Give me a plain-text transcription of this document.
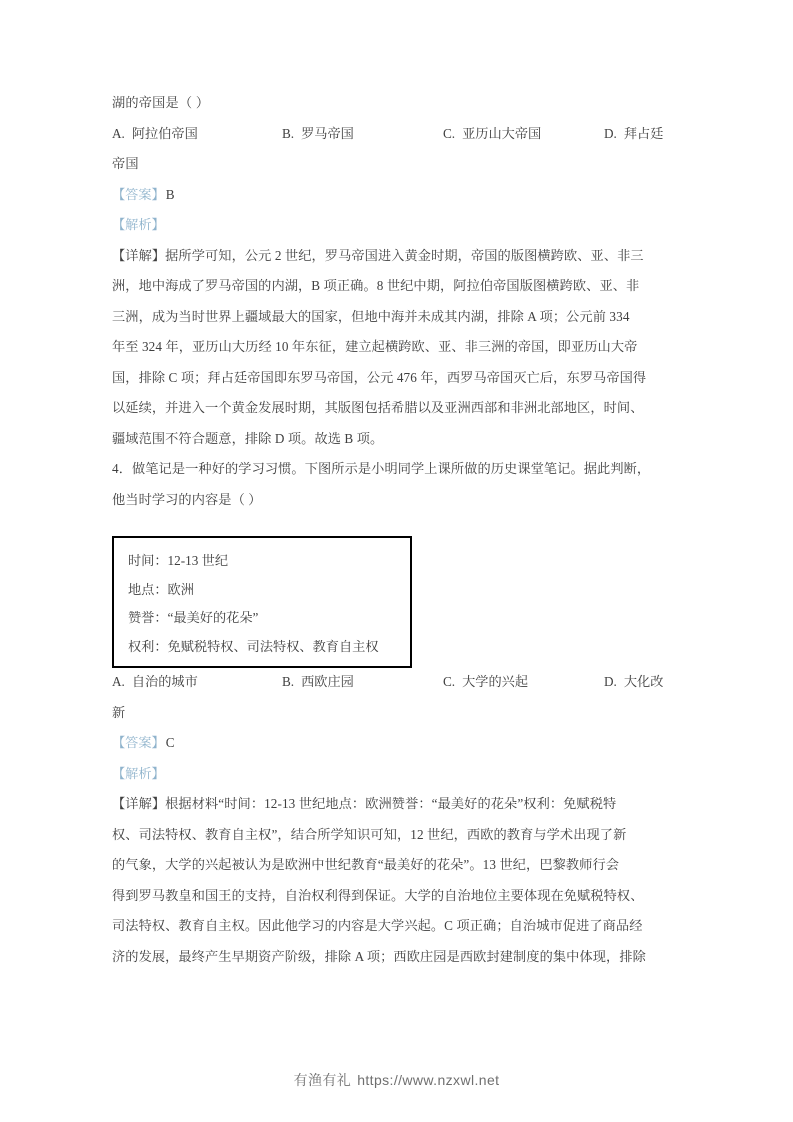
湖的帝国是（ ）
A. 阿拉伯帝国	B. 罗马帝国	C. 亚历山大帝国	D. 拜占廷
帝国
【答案】B
【解析】
【详解】据所学可知，公元 2 世纪，罗马帝国进入黄金时期，帝国的版图横跨欧、亚、非三
洲，地中海成了罗马帝国的内湖，B 项正确。8 世纪中期，阿拉伯帝国版图横跨欧、亚、非
三洲，成为当时世界上疆域最大的国家，但地中海并未成其内湖，排除 A 项；公元前 334
年至 324 年，亚历山大历经 10 年东征，建立起横跨欧、亚、非三洲的帝国，即亚历山大帝
国，排除 C 项；拜占廷帝国即东罗马帝国，公元 476 年，西罗马帝国灭亡后，东罗马帝国得
以延续，并进入一个黄金发展时期，其版图包括希腊以及亚洲西部和非洲北部地区，时间、
疆域范围不符合题意，排除 D 项。故选 B 项。
4．做笔记是一种好的学习习惯。下图所示是小明同学上课所做的历史课堂笔记。据此判断，
他当时学习的内容是（ ）
A. 自治的城市	B. 西欧庄园	C. 大学的兴起	D. 大化改
新
【答案】C
【解析】
【详解】根据材料“时间：12-13 世纪地点：欧洲赞誉：“最美好的花朵”权利：免赋税特
权、司法特权、教育自主权”，结合所学知识可知，12 世纪，西欧的教育与学术出现了新
的气象，大学的兴起被认为是欧洲中世纪教育“最美好的花朵”。13 世纪，巴黎教师行会
得到罗马教皇和国王的支持，自治权利得到保证。大学的自治地位主要体现在免赋税特权、
司法特权、教育自主权。因此他学习的内容是大学兴起。C 项正确；自治城市促进了商品经
济的发展，最终产生早期资产阶级，排除 A 项；西欧庄园是西欧封建制度的集中体现，排除
时间：12-13 世纪
地点：欧洲
赞誉：“最美好的花朵”
权利：免赋税特权、司法特权、教育自主权
有渔有礼 https://www.nzxwl.net
